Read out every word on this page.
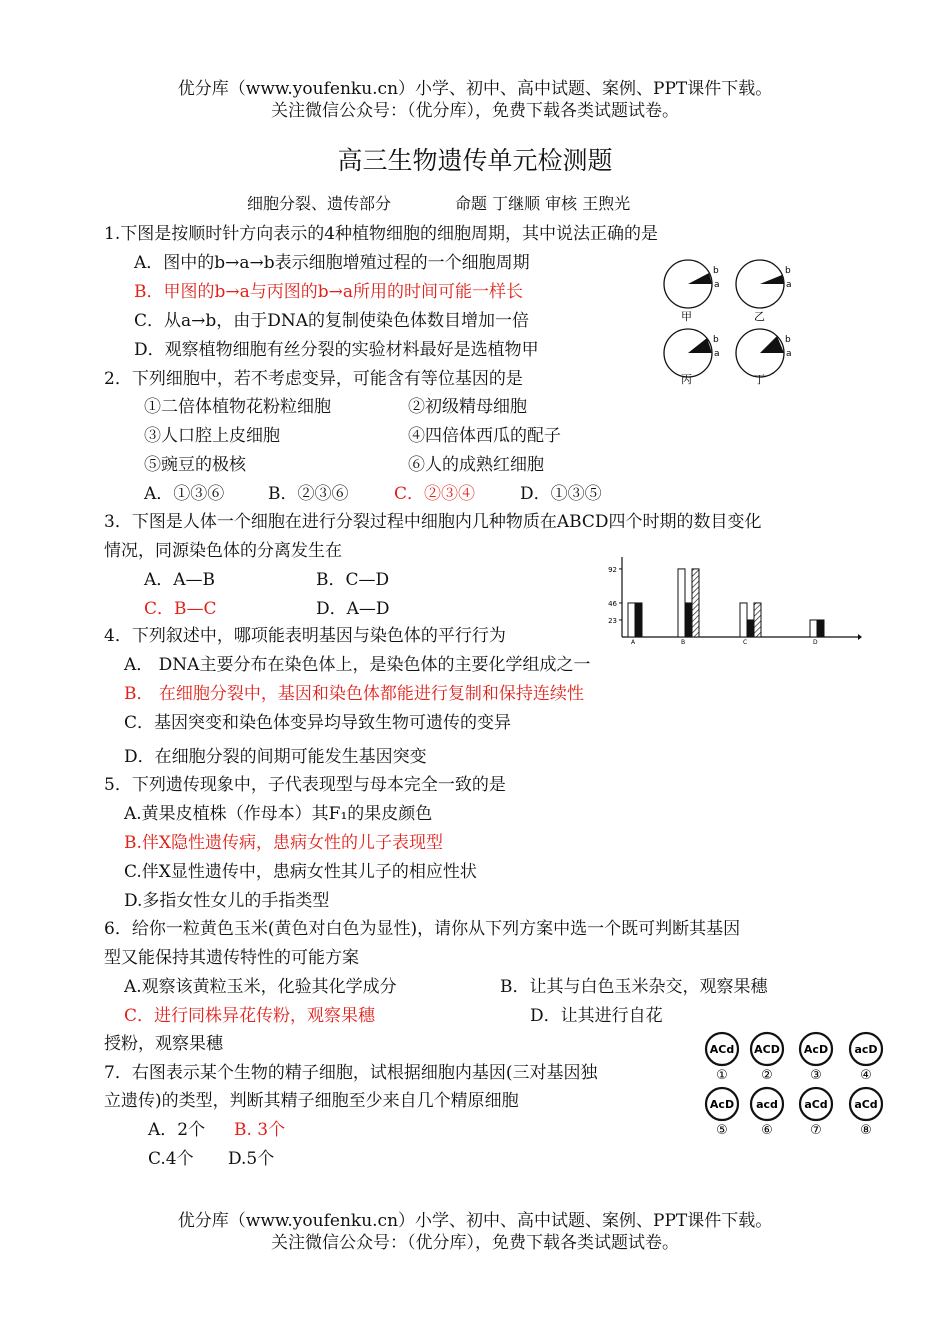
优分库（www.youfenku.cn）小学、初中、高中试题、案例、PPT课件下载。
关注微信公众号：（优分库），免费下载各类试题试卷。
高三生物遗传单元检测题
细胞分裂、遗传部分	命题 丁继顺 审核 王煦光
1.下图是按顺时针方向表示的4种植物细胞的细胞周期，其中说法正确的是
A．图中的b→a→b表示细胞增殖过程的一个细胞周期
B．甲图的b→a与丙图的b→a所用的时间可能一样长
C．从a→b，由于DNA的复制使染色体数目增加一倍
D．观察植物细胞有丝分裂的实验材料最好是选植物甲
b
a
甲
b
a
乙
b
a
丙
b
a
丁
2．下列细胞中，若不考虑变异，可能含有等位基因的是
①二倍体植物花粉粒细胞	②初级精母细胞
③人口腔上皮细胞	④四倍体西瓜的配子
⑤豌豆的极核	⑥人的成熟红细胞
A．①③⑥	B．②③⑥	C．②③④	D．①③⑤
3．下图是人体一个细胞在进行分裂过程中细胞内几种物质在ABCD四个时期的数目变化
情况，同源染色体的分离发生在
A．A—B	B．C—D
C．B—C	D．A—D
23
46
92
A	B	C	D
4．下列叙述中，哪项能表明基因与染色体的平行行为
A． DNA主要分布在染色体上，是染色体的主要化学组成之一
B． 在细胞分裂中，基因和染色体都能进行复制和保持连续性
C．基因突变和染色体变异均导致生物可遗传的变异
D．在细胞分裂的间期可能发生基因突变
5．下列遗传现象中，子代表现型与母本完全一致的是
A.黄果皮植株（作母本）其F₁的果皮颜色
B.伴X隐性遗传病，患病女性的儿子表现型
C.伴X显性遗传中，患病女性其儿子的相应性状
D.多指女性女儿的手指类型
6．给你一粒黄色玉米(黄色对白色为显性)，请你从下列方案中选一个既可判断其基因
型又能保持其遗传特性的可能方案
A.观察该黄粒玉米，化验其化学成分	B．让其与白色玉米杂交，观察果穗
C．进行同株异花传粉，观察果穗	D．让其进行自花
授粉，观察果穗
7．右图表示某个生物的精子细胞，试根据细胞内基因(三对基因独
立遗传)的类型，判断其精子细胞至少来自几个精原细胞
A．2个 B. 3个
C.4个 D.5个
ACd
①
ACD
②
AcD
③
acD
④
AcD
⑤
acd
⑥
aCd
⑦
aCd
⑧
优分库（www.youfenku.cn）小学、初中、高中试题、案例、PPT课件下载。
关注微信公众号：（优分库），免费下载各类试题试卷。
